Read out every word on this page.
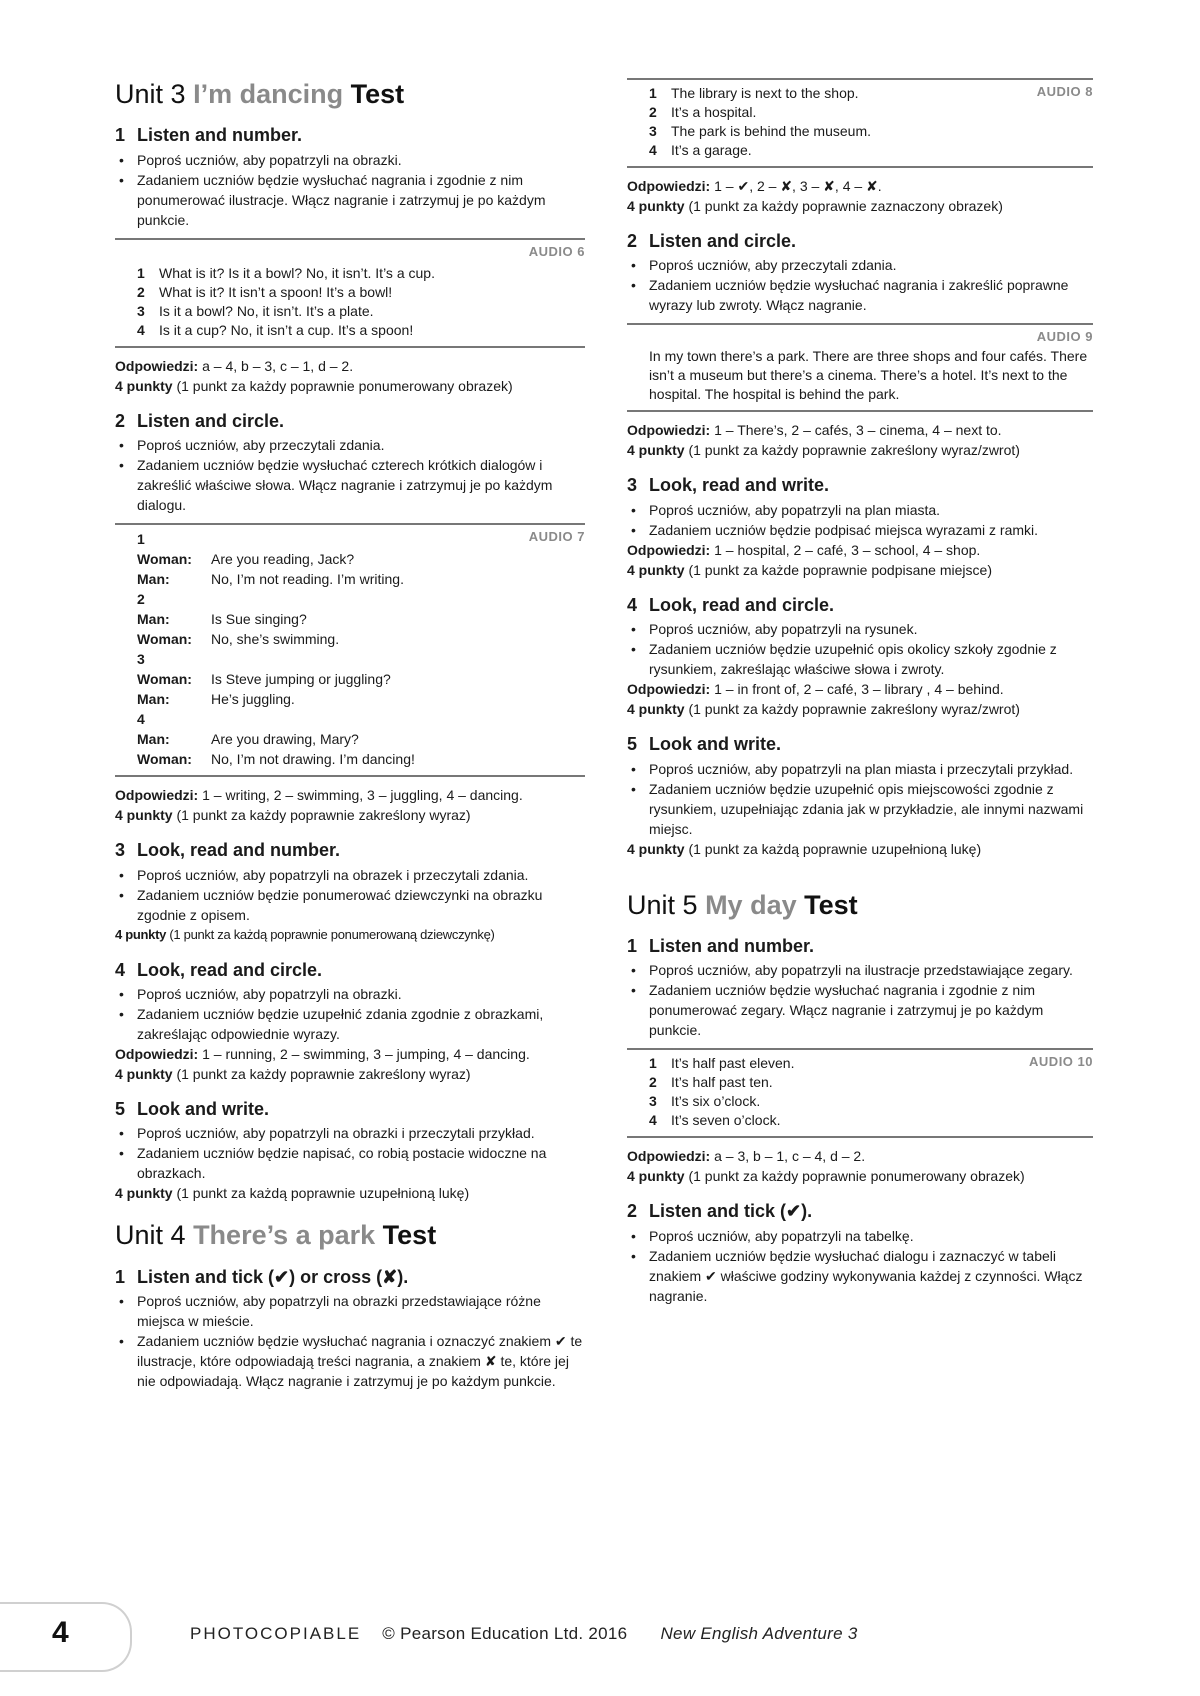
Unit 3 I’m dancing Test
1 Listen and number.
• Poproś uczniów, aby popatrzyli na obrazki.
• Zadaniem uczniów będzie wysłuchać nagrania i zgodnie z nim ponumerować ilustracje. Włącz nagranie i zatrzymuj je po każdym punkcie.
AUDIO 6
1 What is it? Is it a bowl? No, it isn’t. It’s a cup.
2 What is it? It isn’t a spoon! It’s a bowl!
3 Is it a bowl? No, it isn’t. It’s a plate.
4 Is it a cup? No, it isn’t a cup. It’s a spoon!
Odpowiedzi: a – 4, b – 3, c – 1, d – 2.
4 punkty (1 punkt za każdy poprawnie ponumerowany obrazek)
2 Listen and circle.
• Poproś uczniów, aby przeczytali zdania.
• Zadaniem uczniów będzie wysłuchać czterech krótkich dialogów i zakreślić właściwe słowa. Włącz nagranie i zatrzymuj je po każdym dialogu.
AUDIO 7
1
Woman: Are you reading, Jack?
Man:	No, I’m not reading. I’m writing.
2
Man:	Is Sue singing?
Woman: No, she’s swimming.
3
Woman: Is Steve jumping or juggling?
Man:	He’s juggling.
4
Man:	Are you drawing, Mary?
Woman: No, I’m not drawing. I’m dancing!
Odpowiedzi: 1 – writing, 2 – swimming, 3 – juggling, 4 – dancing.
4 punkty (1 punkt za każdy poprawnie zakreślony wyraz)
3 Look, read and number.
• Poproś uczniów, aby popatrzyli na obrazek i przeczytali zdania.
• Zadaniem uczniów będzie ponumerować dziewczynki na obrazku zgodnie z opisem.
4 punkty (1 punkt za każdą poprawnie ponumerowaną dziewczynkę)
4 Look, read and circle.
• Poproś uczniów, aby popatrzyli na obrazki.
• Zadaniem uczniów będzie uzupełnić zdania zgodnie z obrazkami, zakreślając odpowiednie wyrazy.
Odpowiedzi: 1 – running, 2 – swimming, 3 – jumping, 4 – dancing.
4 punkty (1 punkt za każdy poprawnie zakreślony wyraz)
5 Look and write.
• Poproś uczniów, aby popatrzyli na obrazki i przeczytali przykład.
• Zadaniem uczniów będzie napisać, co robią postacie widoczne na obrazkach.
4 punkty (1 punkt za każdą poprawnie uzupełnioną lukę)
Unit 4 There’s a park Test
1 Listen and tick (✔) or cross (✘).
• Poproś uczniów, aby popatrzyli na obrazki przedstawiające różne miejsca w mieście.
• Zadaniem uczniów będzie wysłuchać nagrania i oznaczyć znakiem ✔ te ilustracje, które odpowiadają treści nagrania, a znakiem ✘ te, które jej nie odpowiadają. Włącz nagranie i zatrzymuj je po każdym punkcie.
AUDIO 8
1 The library is next to the shop.
2 It’s a hospital.
3 The park is behind the museum.
4 It’s a garage.
Odpowiedzi: 1 – ✔, 2 – ✘, 3 – ✘, 4 – ✘.
4 punkty (1 punkt za każdy poprawnie zaznaczony obrazek)
2 Listen and circle.
• Poproś uczniów, aby przeczytali zdania.
• Zadaniem uczniów będzie wysłuchać nagrania i zakreślić poprawne wyrazy lub zwroty. Włącz nagranie.
AUDIO 9
In my town there’s a park. There are three shops and four cafés. There isn’t a museum but there’s a cinema. There’s a hotel. It’s next to the hospital. The hospital is behind the park.
Odpowiedzi: 1 – There’s, 2 – cafés, 3 – cinema, 4 – next to.
4 punkty (1 punkt za każdy poprawnie zakreślony wyraz/zwrot)
3 Look, read and write.
• Poproś uczniów, aby popatrzyli na plan miasta.
• Zadaniem uczniów będzie podpisać miejsca wyrazami z ramki.
Odpowiedzi: 1 – hospital, 2 – café, 3 – school, 4 – shop.
4 punkty (1 punkt za każde poprawnie podpisane miejsce)
4 Look, read and circle.
• Poproś uczniów, aby popatrzyli na rysunek.
• Zadaniem uczniów będzie uzupełnić opis okolicy szkoły zgodnie z rysunkiem, zakreślając właściwe słowa i zwroty.
Odpowiedzi: 1 – in front of, 2 – café, 3 – library , 4 – behind.
4 punkty (1 punkt za każdy poprawnie zakreślony wyraz/zwrot)
5 Look and write.
• Poproś uczniów, aby popatrzyli na plan miasta i przeczytali przykład.
• Zadaniem uczniów będzie uzupełnić opis miejscowości zgodnie z rysunkiem, uzupełniając zdania jak w przykładzie, ale innymi nazwami miejsc.
4 punkty (1 punkt za każdą poprawnie uzupełnioną lukę)
Unit 5 My day Test
1 Listen and number.
• Poproś uczniów, aby popatrzyli na ilustracje przedstawiające zegary.
• Zadaniem uczniów będzie wysłuchać nagrania i zgodnie z nim ponumerować zegary. Włącz nagranie i zatrzymuj je po każdym punkcie.
AUDIO 10
1 It’s half past eleven.
2 It’s half past ten.
3 It’s six o’clock.
4 It’s seven o’clock.
Odpowiedzi: a – 3, b – 1, c – 4, d – 2.
4 punkty (1 punkt za każdy poprawnie ponumerowany obrazek)
2 Listen and tick (✔).
• Poproś uczniów, aby popatrzyli na tabelkę.
• Zadaniem uczniów będzie wysłuchać dialogu i zaznaczyć w tabeli znakiem ✔ właściwe godziny wykonywania każdej z czynności. Włącz nagranie.
4	PHOTOCOPIABLE © Pearson Education Ltd. 2016 New English Adventure 3
